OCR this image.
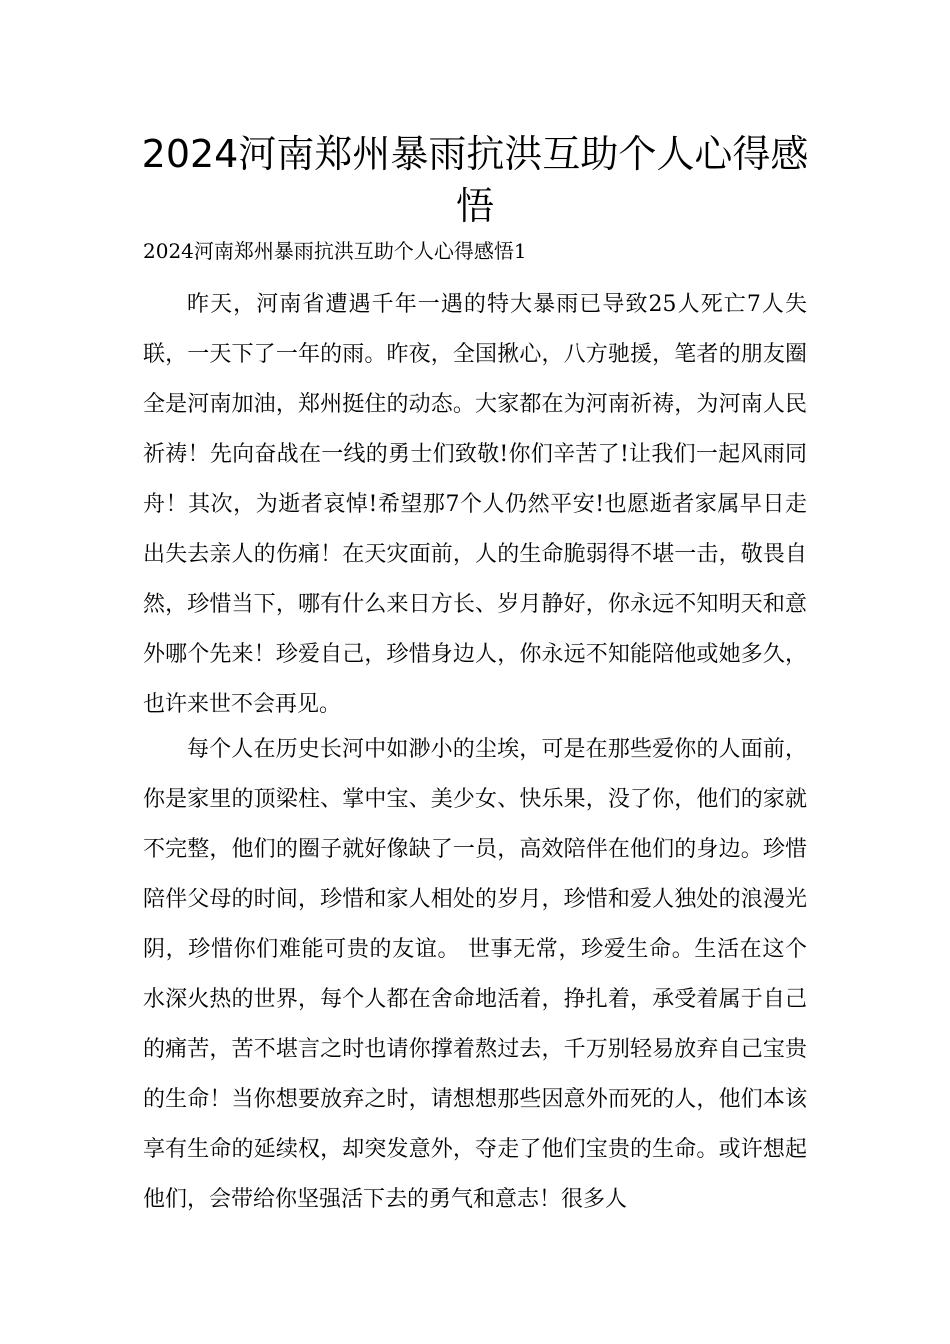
2024河南郑州暴雨抗洪互助个人心得感悟

2024河南郑州暴雨抗洪互助个人心得感悟1

昨天，河南省遭遇千年一遇的特大暴雨已导致25人死亡7人失联，一天下了一年的雨。昨夜，全国揪心，八方驰援，笔者的朋友圈全是河南加油，郑州挺住的动态。大家都在为河南祈祷，为河南人民祈祷！先向奋战在一线的勇士们致敬!你们辛苦了!让我们一起风雨同舟！其次，为逝者哀悼!希望那7个人仍然平安!也愿逝者家属早日走出失去亲人的伤痛！在天灾面前，人的生命脆弱得不堪一击，敬畏自然，珍惜当下，哪有什么来日方长、岁月静好，你永远不知明天和意外哪个先来！珍爱自己，珍惜身边人，你永远不知能陪他或她多久，也许来世不会再见。

每个人在历史长河中如渺小的尘埃，可是在那些爱你的人面前，你是家里的顶梁柱、掌中宝、美少女、快乐果，没了你，他们的家就不完整，他们的圈子就好像缺了一员，高效陪伴在他们的身边。珍惜陪伴父母的时间，珍惜和家人相处的岁月，珍惜和爱人独处的浪漫光阴，珍惜你们难能可贵的友谊。 世事无常，珍爱生命。生活在这个水深火热的世界，每个人都在舍命地活着，挣扎着，承受着属于自己的痛苦，苦不堪言之时也请你撑着熬过去，千万别轻易放弃自己宝贵的生命！当你想要放弃之时，请想想那些因意外而死的人，他们本该享有生命的延续权，却突发意外，夺走了他们宝贵的生命。或许想起他们，会带给你坚强活下去的勇气和意志！很多人
